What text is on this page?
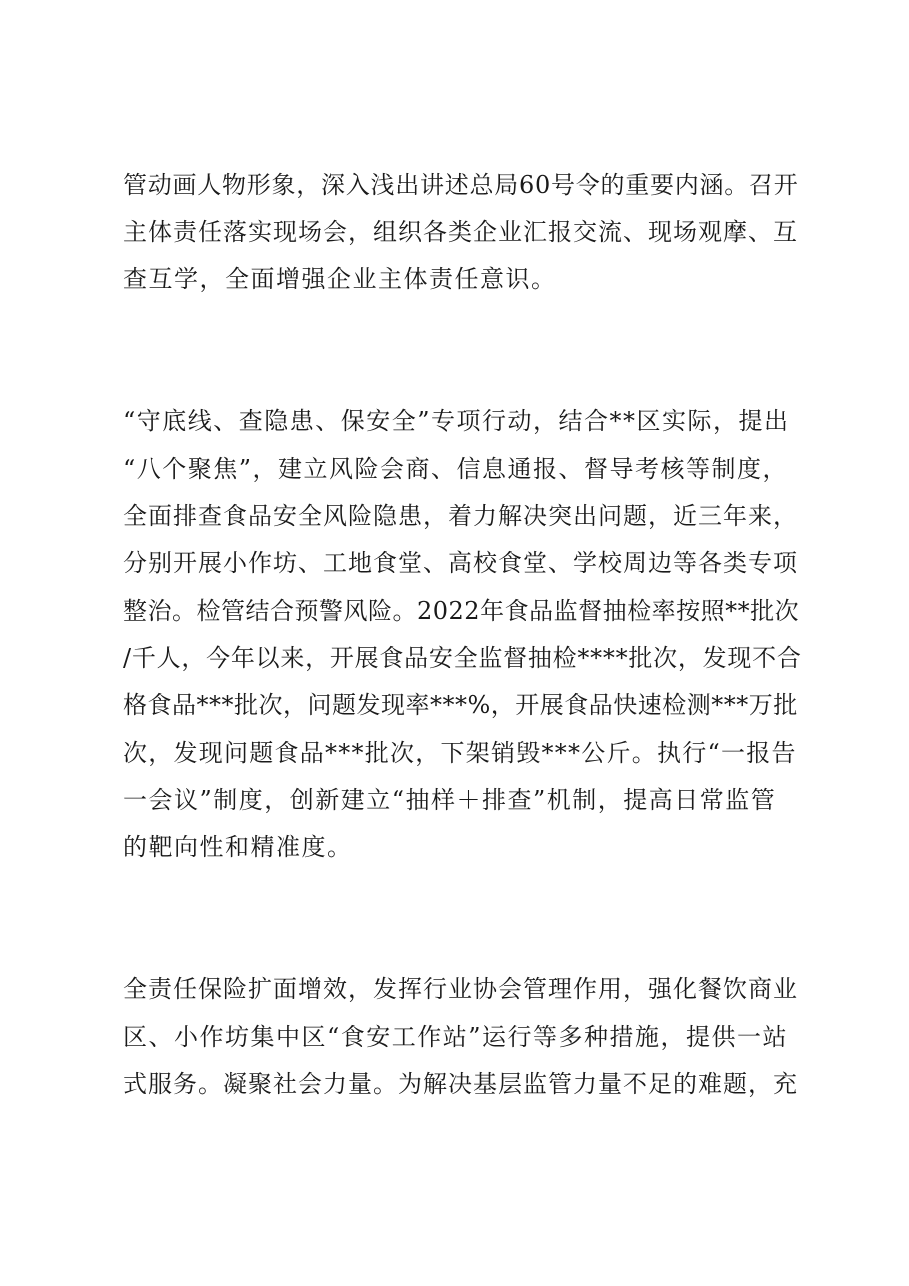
管动画人物形象，深入浅出讲述总局60号令的重要内涵。召开
主体责任落实现场会，组织各类企业汇报交流、现场观摩、互
查互学，全面增强企业主体责任意识。
“守底线、查隐患、保安全”专项行动，结合**区实际，提出
“八个聚焦”，建立风险会商、信息通报、督导考核等制度，
全面排查食品安全风险隐患，着力解决突出问题，近三年来，
分别开展小作坊、工地食堂、高校食堂、学校周边等各类专项
整治。检管结合预警风险。2022年食品监督抽检率按照**批次
/千人，今年以来，开展食品安全监督抽检****批次，发现不合
格食品***批次，问题发现率***%，开展食品快速检测***万批
次，发现问题食品***批次，下架销毁***公斤。执行“一报告
一会议”制度，创新建立“抽样＋排查”机制，提高日常监管
的靶向性和精准度。
全责任保险扩面增效，发挥行业协会管理作用，强化餐饮商业
区、小作坊集中区“食安工作站”运行等多种措施，提供一站
式服务。凝聚社会力量。为解决基层监管力量不足的难题，充
